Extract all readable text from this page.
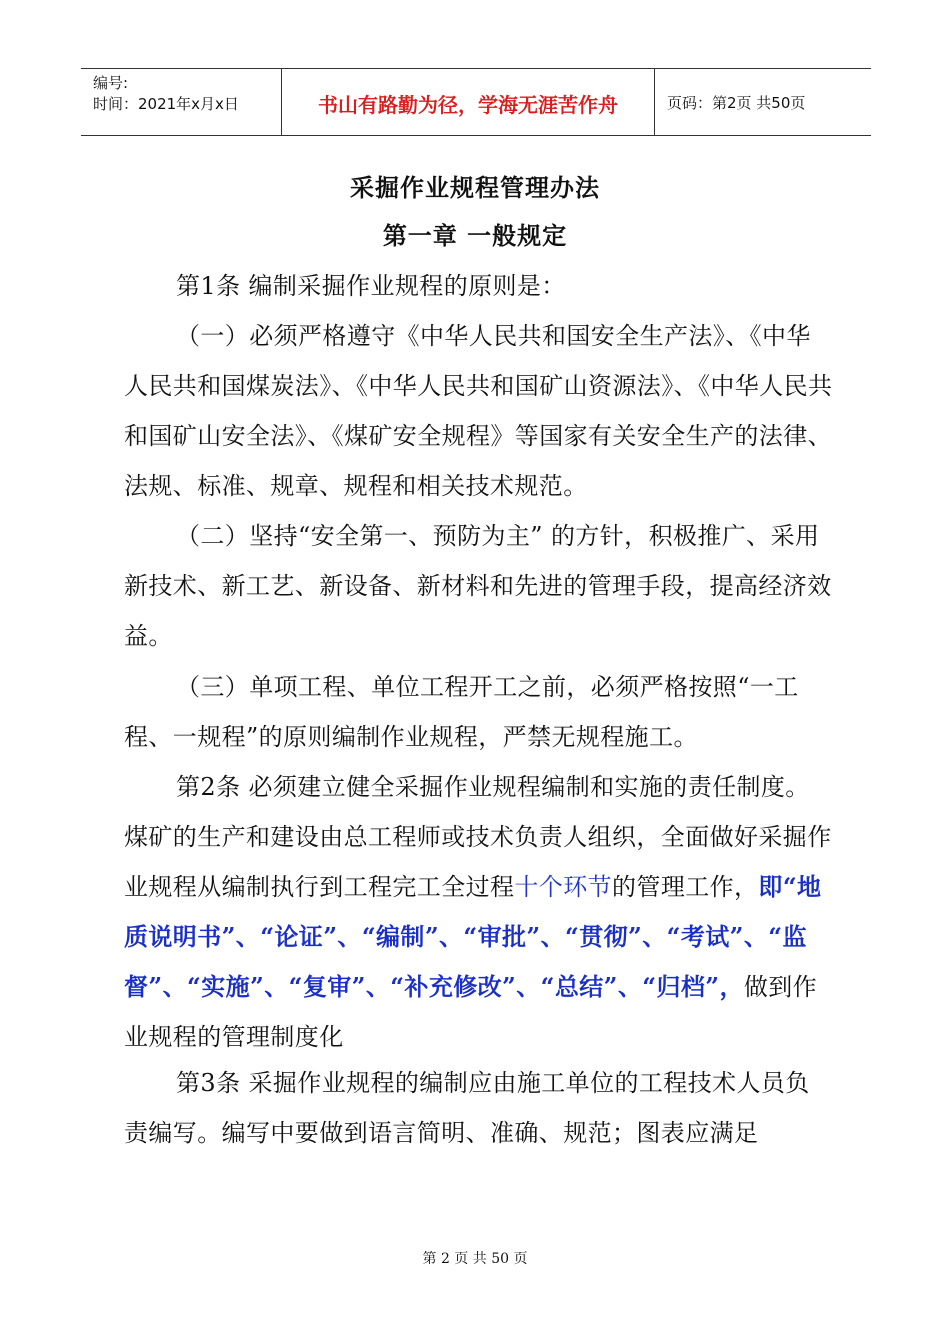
编号:
时间：2021年x月x日	书山有路勤为径，学海无涯苦作舟	页码：第2页 共50页
采掘作业规程管理办法
第一章 一般规定
第1条 编制采掘作业规程的原则是：
（一）必须严格遵守《中华人民共和国安全生产法》、《中华人民共和国煤炭法》、《中华人民共和国矿山资源法》、《中华人民共和国矿山安全法》、《煤矿安全规程》等国家有关安全生产的法律、法规、标准、规章、规程和相关技术规范。
（二）坚持“安全第一、预防为主” 的方针，积极推广、采用新技术、新工艺、新设备、新材料和先进的管理手段，提高经济效益。
（三）单项工程、单位工程开工之前，必须严格按照“一工程、一规程”的原则编制作业规程，严禁无规程施工。
第2条 必须建立健全采掘作业规程编制和实施的责任制度。煤矿的生产和建设由总工程师或技术负责人组织，全面做好采掘作业规程从编制执行到工程完工全过程十个环节的管理工作，即“地质说明书”、“论证”、“编制”、“审批”、“贯彻”、“考试”、“监督”、“实施”、“复审”、“补充修改”、“总结”、“归档”，做到作业规程的管理制度化
第3条 采掘作业规程的编制应由施工单位的工程技术人员负责编写。编写中要做到语言简明、准确、规范；图表应满足
第 2 页 共 50 页
